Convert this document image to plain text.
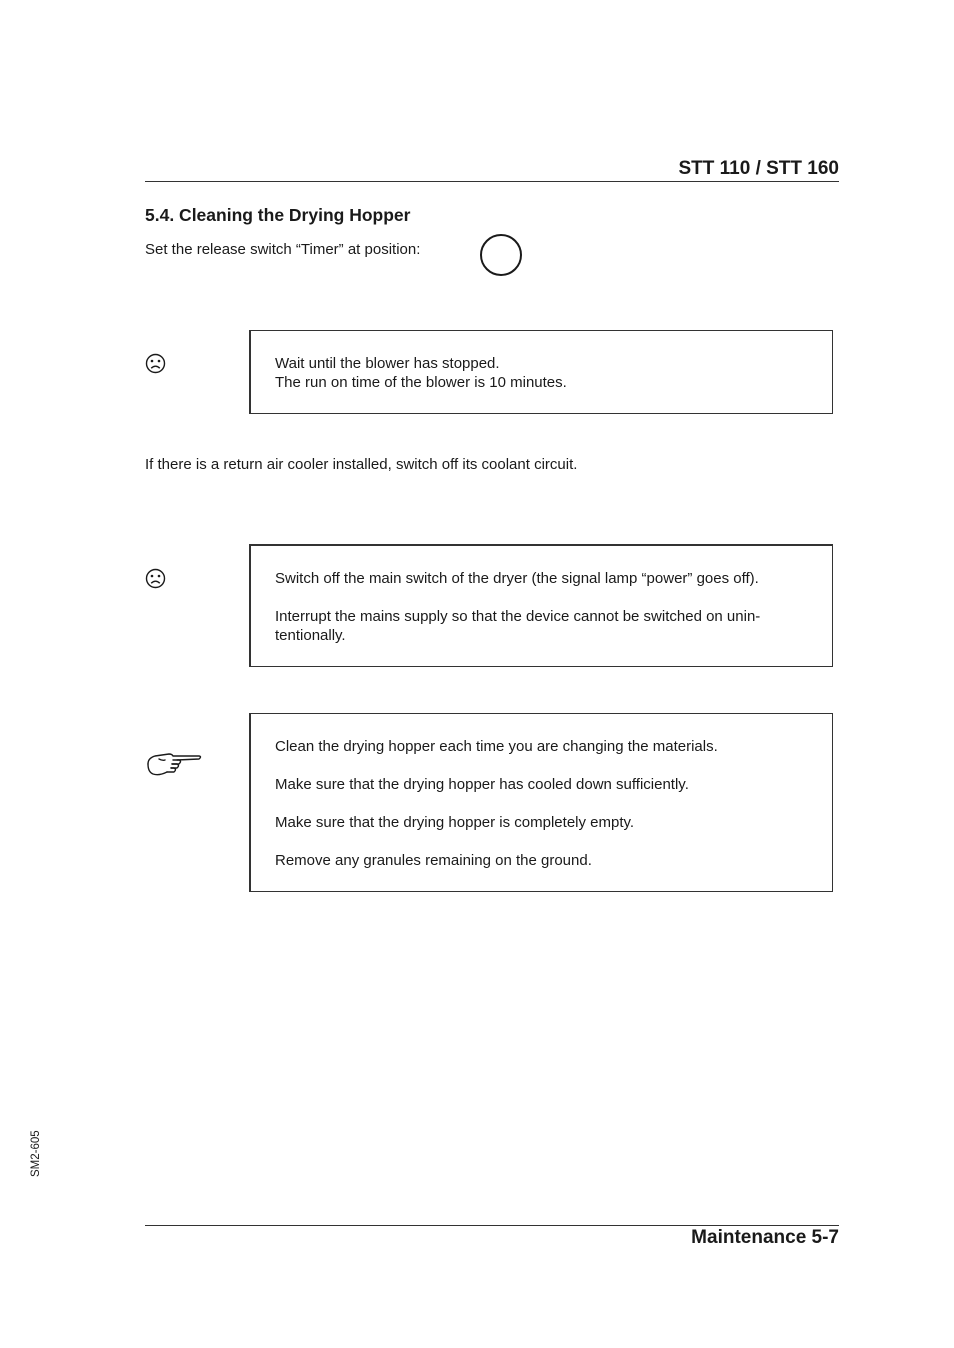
STT 110 / STT 160
5.4. Cleaning the Drying Hopper
Set the release switch “Timer” at position:

Wait until the blower has stopped.

The run on time of the blower is 10 minutes.

If there is a return air cooler installed, switch off its coolant circuit.

Switch off the main switch of the dryer (the signal lamp “power” goes off).

Interrupt the mains supply so that the device cannot be switched on unin-
tentionally.

Clean the drying hopper each time you are changing the materials.

Make sure that the drying hopper has cooled down sufficiently.

Make sure that the drying hopper is completely empty.

Remove any granules remaining on the ground.

SM2-605
Maintenance 5-7
